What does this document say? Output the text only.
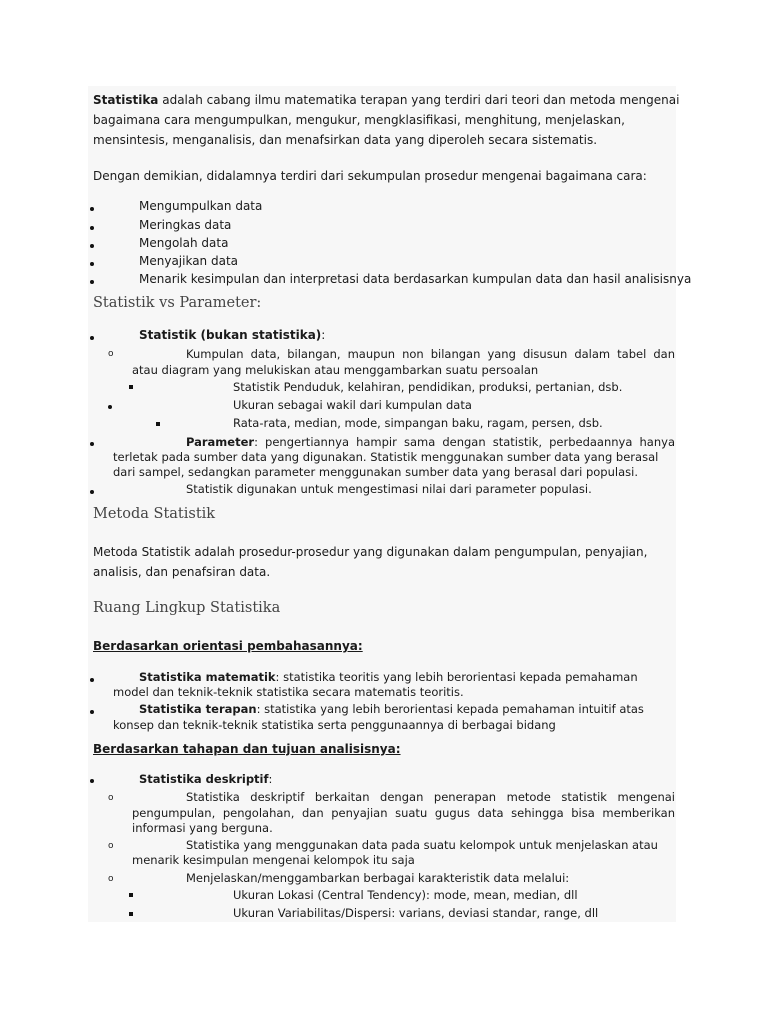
Statistika adalah cabang ilmu matematika terapan yang terdiri dari teori dan metoda mengenai
bagaimana cara mengumpulkan, mengukur, mengklasifikasi, menghitung, menjelaskan,
mensintesis, menganalisis, dan menafsirkan data yang diperoleh secara sistematis.
Dengan demikian, didalamnya terdiri dari sekumpulan prosedur mengenai bagaimana cara:
Mengumpulkan data
Meringkas data
Mengolah data
Menyajikan data
Menarik kesimpulan dan interpretasi data berdasarkan kumpulan data dan hasil analisisnya
Statistik vs Parameter:
Statistik (bukan statistika):
o	Kumpulan data, bilangan, maupun non bilangan yang disusun dalam tabel dan
atau diagram yang melukiskan atau menggambarkan suatu persoalan
Statistik Penduduk, kelahiran, pendidikan, produksi, pertanian, dsb.
Ukuran sebagai wakil dari kumpulan data
Rata-rata, median, mode, simpangan baku, ragam, persen, dsb.
Parameter: pengertiannya hampir sama dengan statistik, perbedaannya hanya
terletak pada sumber data yang digunakan. Statistik menggunakan sumber data yang berasal
dari sampel, sedangkan parameter menggunakan sumber data yang berasal dari populasi.
Statistik digunakan untuk mengestimasi nilai dari parameter populasi.
Metoda Statistik
Metoda Statistik adalah prosedur-prosedur yang digunakan dalam pengumpulan, penyajian,
analisis, dan penafsiran data.
Ruang Lingkup Statistika
Berdasarkan orientasi pembahasannya:
Statistika matematik: statistika teoritis yang lebih berorientasi kepada pemahaman
model dan teknik-teknik statistika secara matematis teoritis.
Statistika terapan: statistika yang lebih berorientasi kepada pemahaman intuitif atas
konsep dan teknik-teknik statistika serta penggunaannya di berbagai bidang
Berdasarkan tahapan dan tujuan analisisnya:
Statistika deskriptif:
o	Statistika deskriptif berkaitan dengan penerapan metode statistik mengenai
pengumpulan, pengolahan, dan penyajian suatu gugus data sehingga bisa memberikan
informasi yang berguna.
o	Statistika yang menggunakan data pada suatu kelompok untuk menjelaskan atau
menarik kesimpulan mengenai kelompok itu saja
o	Menjelaskan/menggambarkan berbagai karakteristik data melalui:
Ukuran Lokasi (Central Tendency): mode, mean, median, dll
Ukuran Variabilitas/Dispersi: varians, deviasi standar, range, dll
